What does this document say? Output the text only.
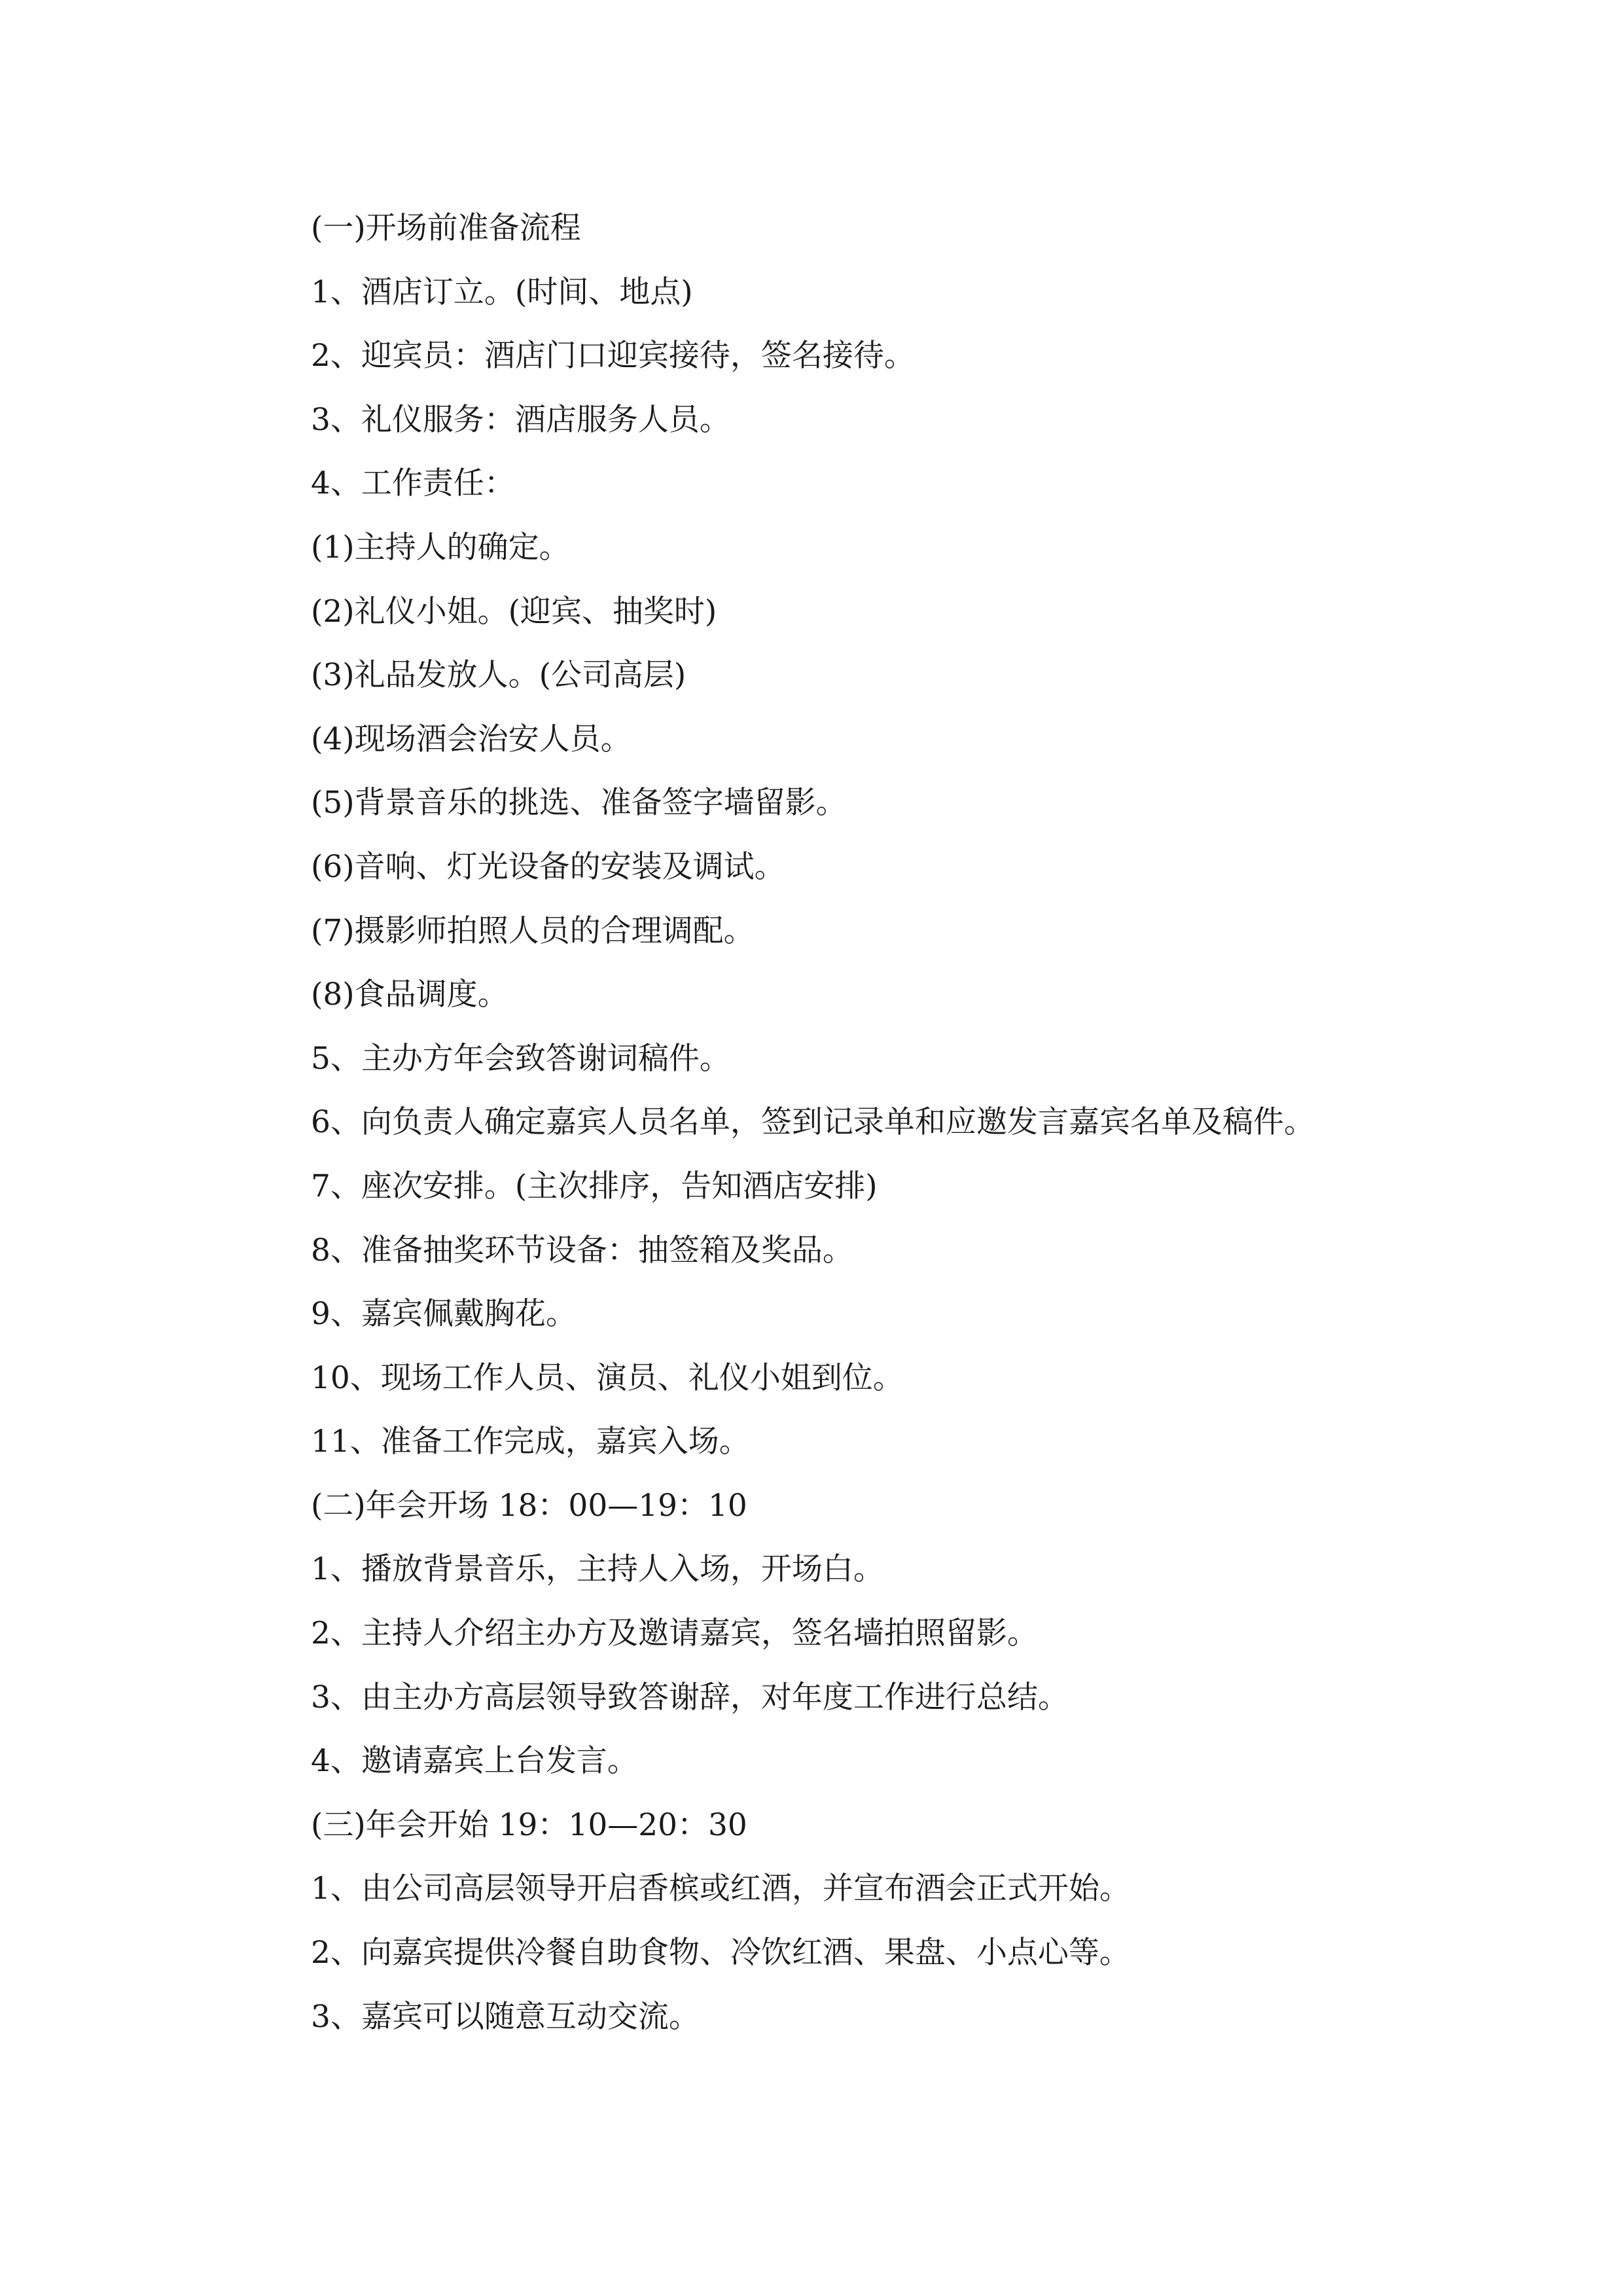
(一)开场前准备流程
1、酒店订立。(时间、地点)
2、迎宾员：酒店门口迎宾接待，签名接待。
3、礼仪服务：酒店服务人员。
4、工作责任：
(1)主持人的确定。
(2)礼仪小姐。(迎宾、抽奖时)
(3)礼品发放人。(公司高层)
(4)现场酒会治安人员。
(5)背景音乐的挑选、准备签字墙留影。
(6)音响、灯光设备的安装及调试。
(7)摄影师拍照人员的合理调配。
(8)食品调度。
5、主办方年会致答谢词稿件。
6、向负责人确定嘉宾人员名单，签到记录单和应邀发言嘉宾名单及稿件。
7、座次安排。(主次排序，告知酒店安排)
8、准备抽奖环节设备：抽签箱及奖品。
9、嘉宾佩戴胸花。
10、现场工作人员、演员、礼仪小姐到位。
11、准备工作完成，嘉宾入场。
(二)年会开场 18：00—19：10
1、播放背景音乐，主持人入场，开场白。
2、主持人介绍主办方及邀请嘉宾，签名墙拍照留影。
3、由主办方高层领导致答谢辞，对年度工作进行总结。
4、邀请嘉宾上台发言。
(三)年会开始 19：10—20：30
1、由公司高层领导开启香槟或红酒，并宣布酒会正式开始。
2、向嘉宾提供冷餐自助食物、冷饮红酒、果盘、小点心等。
3、嘉宾可以随意互动交流。
